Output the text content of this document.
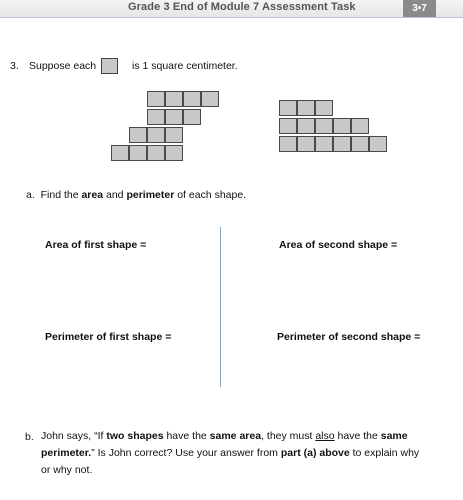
Grade 3 End of Module 7 Assessment Task	3•7
3. Suppose each	is 1 square centimeter.
a. Find the area and perimeter of each shape.
Area of first shape =	Area of second shape =
Perimeter of first shape =	Perimeter of second shape =
b. John says, “If two shapes have the same area, they must also have the same
perimeter.” Is John correct? Use your answer from part (a) above to explain why or why not.
